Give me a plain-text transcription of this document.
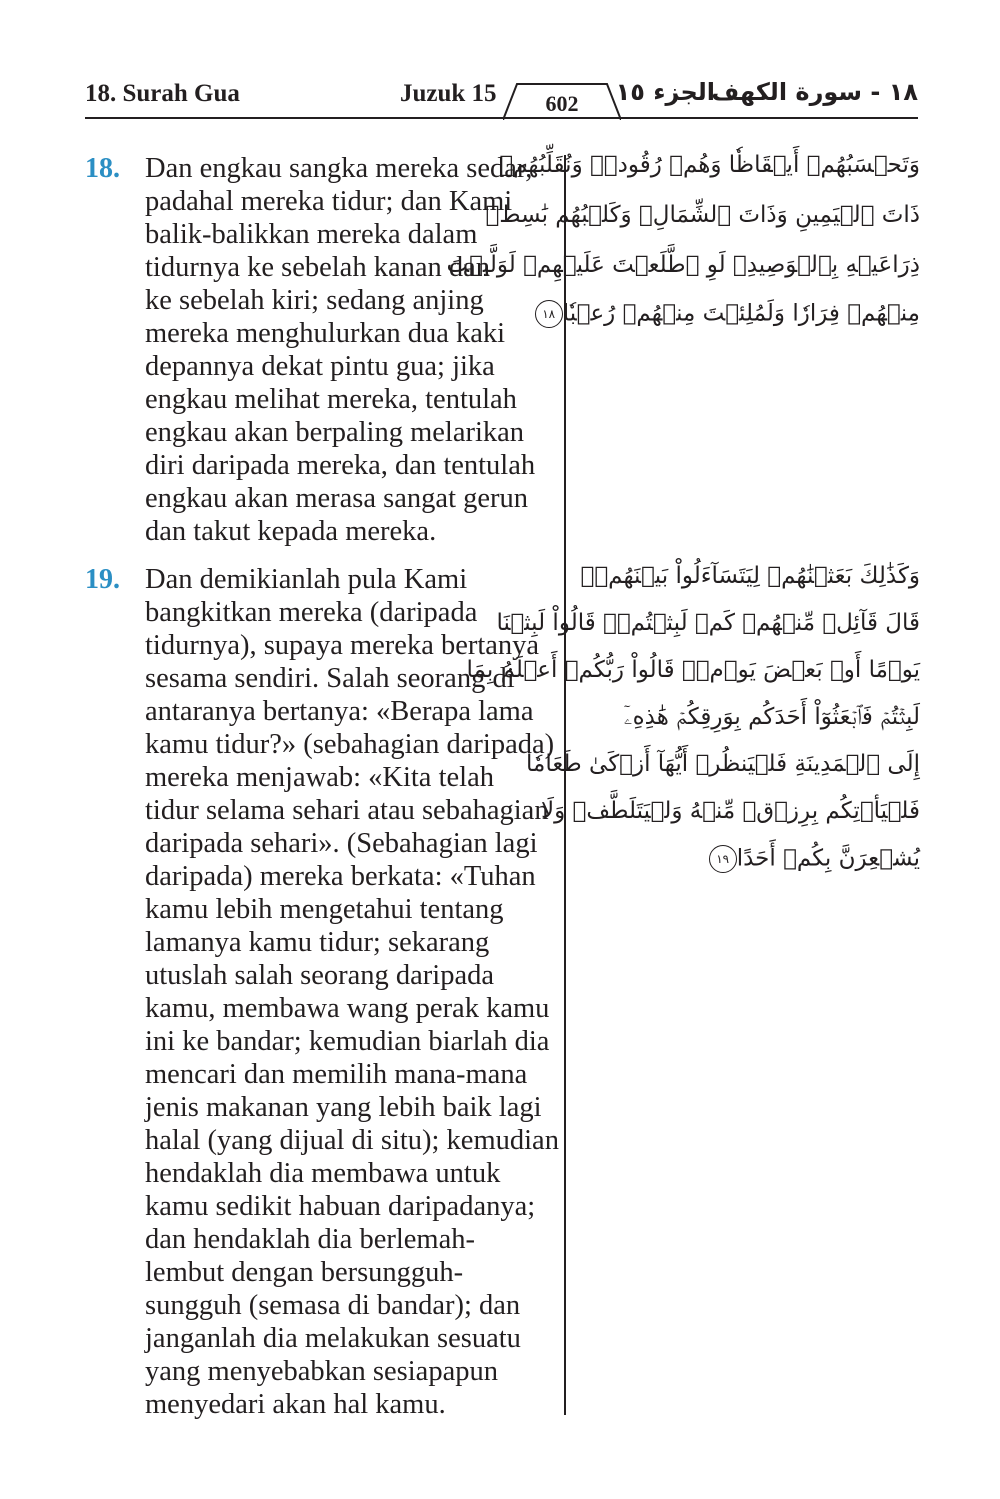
18. Surah Gua	Juzuk 15	602	الجزء ١٥
١٨ - سورة الكهف
18. Dan engkau sangka mereka sedar,
padahal mereka tidur; dan Kami
balik-balikkan mereka dalam
tidurnya ke sebelah kanan dan
ke sebelah kiri; sedang anjing
mereka menghulurkan dua kaki
depannya dekat pintu gua; jika
engkau melihat mereka, tentulah
engkau akan berpaling melarikan
diri daripada mereka, dan tentulah
engkau akan merasa sangat gerun
dan takut kepada mereka.
19. Dan demikianlah pula Kami
bangkitkan mereka (daripada
tidurnya), supaya mereka bertanya
sesama sendiri. Salah seorang di
antaranya bertanya: «Berapa lama
kamu tidur?» (sebahagian daripada)
mereka menjawab: «Kita telah
tidur selama sehari atau sebahagian
daripada sehari». (Sebahagian lagi
daripada) mereka berkata: «Tuhan
kamu lebih mengetahui tentang
lamanya kamu tidur; sekarang
utuslah salah seorang daripada
kamu, membawa wang perak kamu
ini ke bandar; kemudian biarlah dia
mencari dan memilih mana-mana
jenis makanan yang lebih baik lagi
halal (yang dijual di situ); kemudian
hendaklah dia membawa untuk
kamu sedikit habuan daripadanya;
dan hendaklah dia berlemah-
lembut dengan bersungguh-
sungguh (semasa di bandar); dan
janganlah dia melakukan sesuatu
yang menyebabkan sesiapapun
menyedari akan hal kamu.
وَتَحۡسَبُهُمۡ أَيۡقَاظٗا وَهُمۡ رُقُودٞۚ وَنُقَلِّبُهُمۡ
ذَاتَ ٱلۡيَمِينِ وَذَاتَ ٱلشِّمَالِۖ وَكَلۡبُهُم بَٰسِطٞ
ذِرَاعَيۡهِ بِٱلۡوَصِيدِۚ لَوِ ٱطَّلَعۡتَ عَلَيۡهِمۡ لَوَلَّيۡتَ
مِنۡهُمۡ فِرَارٗا وَلَمُلِئۡتَ مِنۡهُمۡ رُعۡبٗا١٨
وَكَذَٰلِكَ بَعَثۡنَٰهُمۡ لِيَتَسَآءَلُواْ بَيۡنَهُمۡۚ
قَالَ قَآئِلٞ مِّنۡهُمۡ كَمۡ لَبِثۡتُمۡۖ قَالُواْ لَبِثۡنَا
يَوۡمًا أَوۡ بَعۡضَ يَوۡمٖۚ قَالُواْ رَبُّكُمۡ أَعۡلَمُ بِمَا
لَبِثۡتُمۡ فَٱبۡعَثُوٓاْ أَحَدَكُم بِوَرِقِكُمۡ هَٰذِهِۦٓ
إِلَى ٱلۡمَدِينَةِ فَلۡيَنظُرۡ أَيُّهَآ أَزۡكَىٰ طَعَامٗا
فَلۡيَأۡتِكُم بِرِزۡقٖ مِّنۡهُ وَلۡيَتَلَطَّفۡ وَلَا
يُشۡعِرَنَّ بِكُمۡ أَحَدًا١٩
